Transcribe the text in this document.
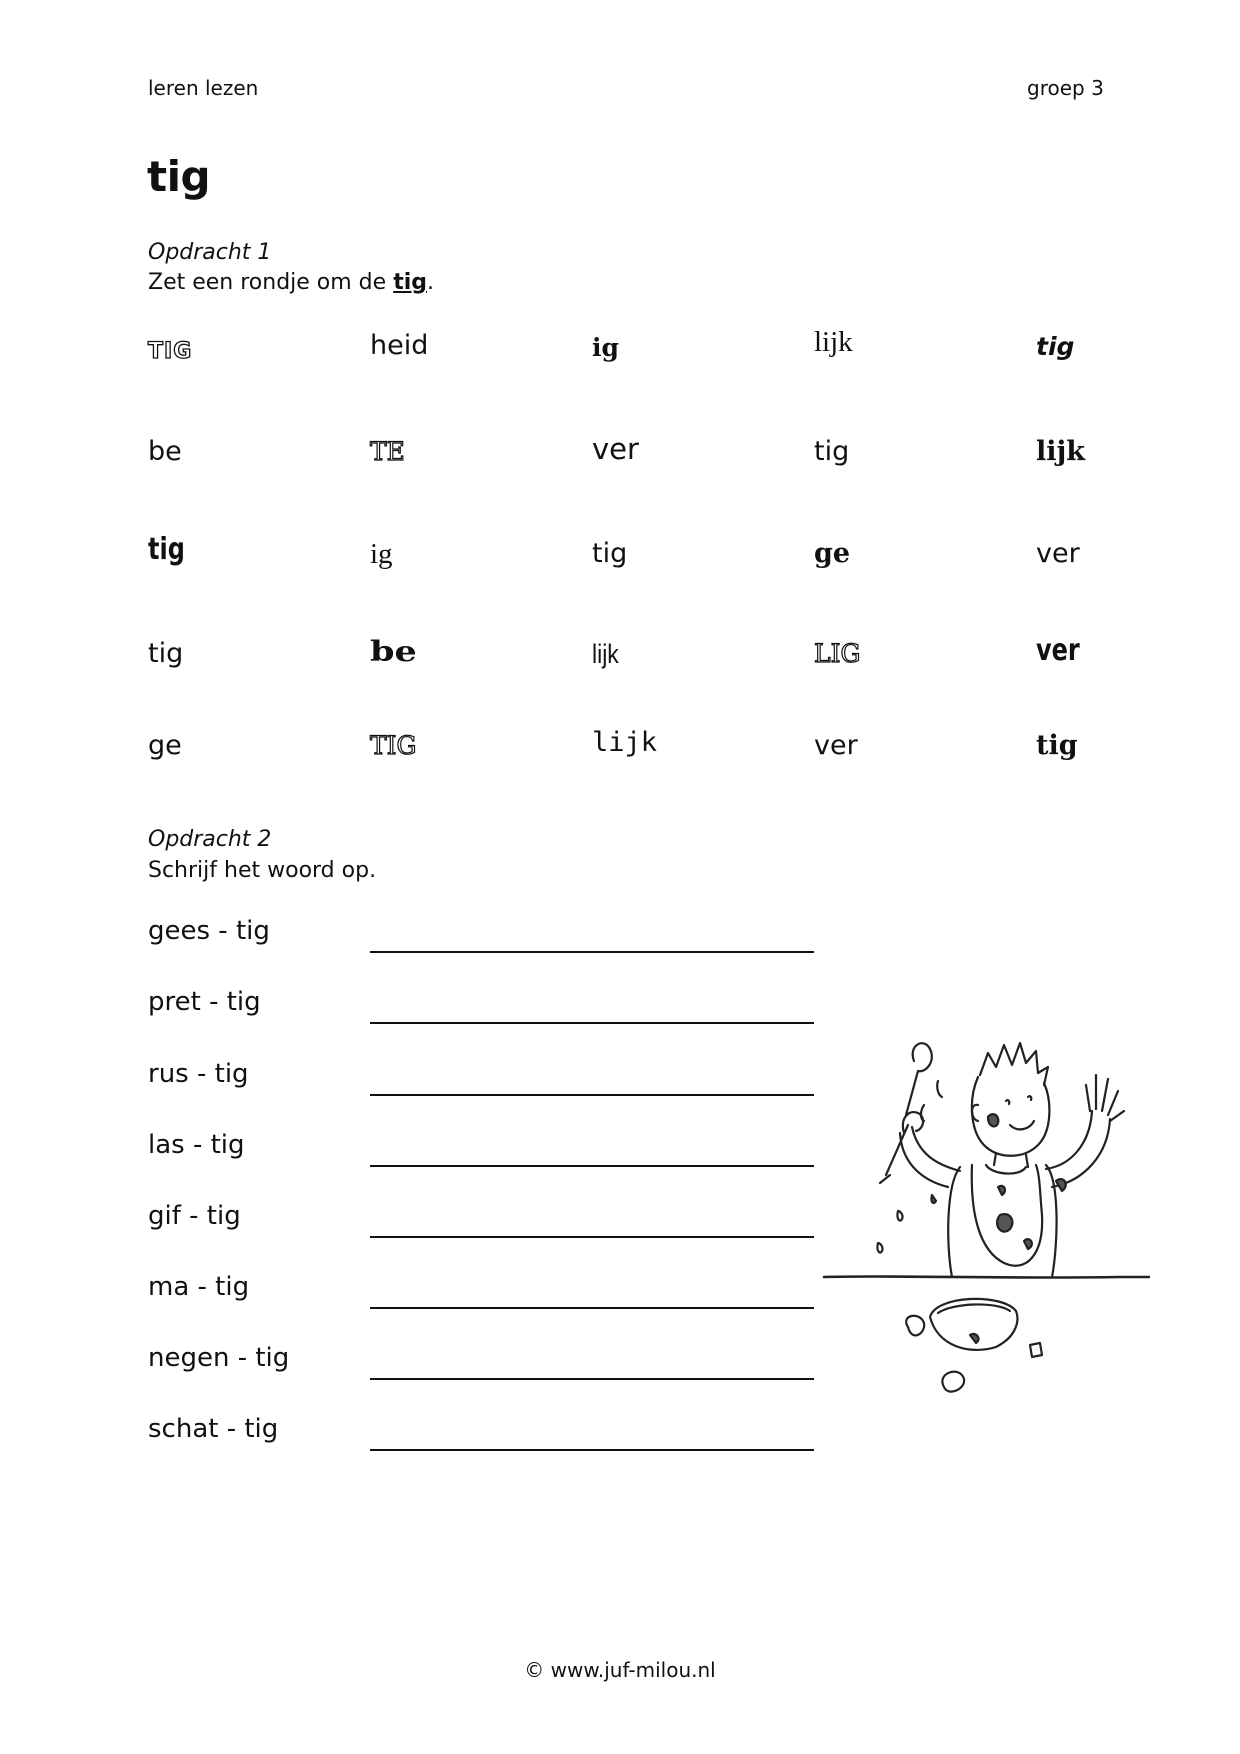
leren lezen	groep 3
tig
Opdracht 1
Zet een rondje om de tig.
TIG	heid	ig	lijk	tig
be	TE	ver	tig	lijk
tig	ig	tig	ge	ver
tig	be	lijk	LIG	ver
ge	TIG	lijk	ver	tig
Opdracht 2
Schrijf het woord op.
gees - tig
pret - tig
rus - tig
las - tig
gif - tig
ma - tig
negen - tig
schat - tig
© www.juf-milou.nl
